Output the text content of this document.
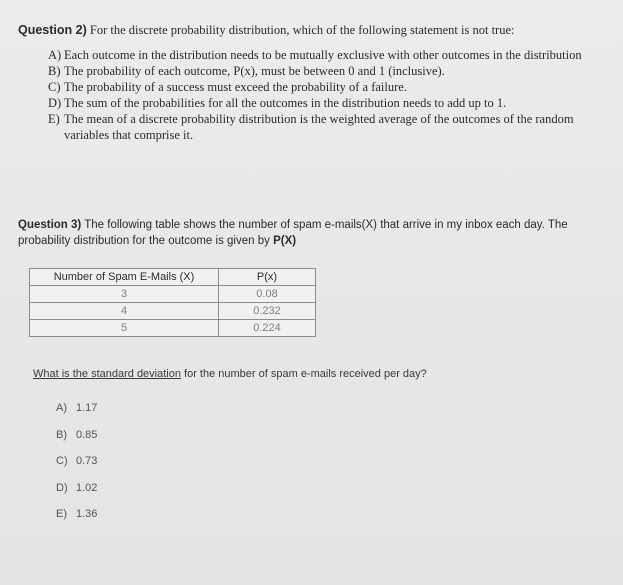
Question 2) For the discrete probability distribution, which of the following statement is not true:
A) Each outcome in the distribution needs to be mutually exclusive with other outcomes in the distribution
B) The probability of each outcome, P(x), must be between 0 and 1 (inclusive).
C) The probability of a success must exceed the probability of a failure.
D) The sum of the probabilities for all the outcomes in the distribution needs to add up to 1.
E) The mean of a discrete probability distribution is the weighted average of the outcomes of the random variables that comprise it.
Question 3) The following table shows the number of spam e-mails(X) that arrive in my inbox each day. The probability distribution for the outcome is given by P(X)
Number of Spam E-Mails (X)	P(x)
3	0.08
4	0.232
5	0.224
What is the standard deviation for the number of spam e-mails received per day?
A) 1.17
B) 0.85
C) 0.73
D) 1.02
E) 1.36
